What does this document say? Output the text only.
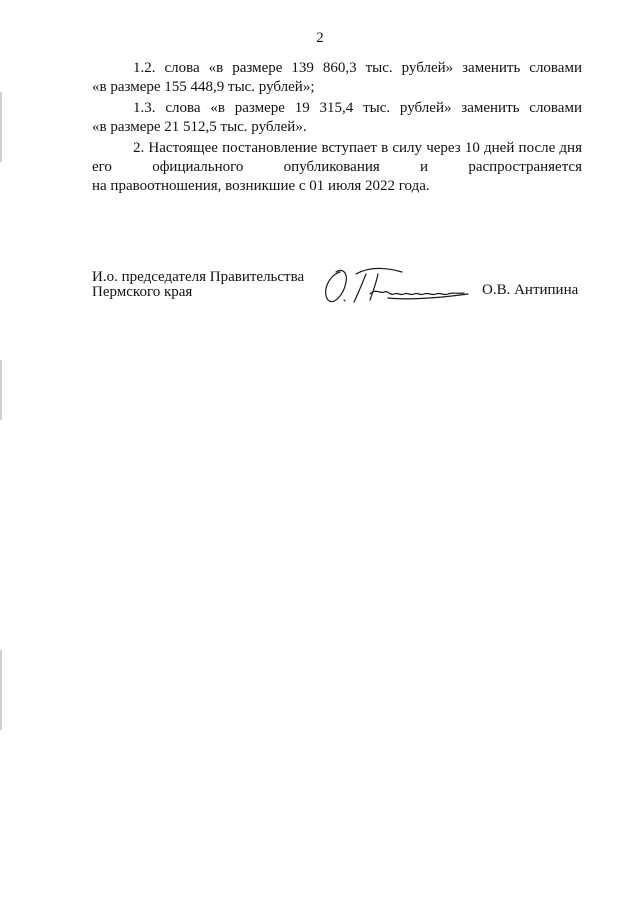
2
1.2. слова «в размере 139 860,3 тыс. рублей» заменить словами
«в размере 155 448,9 тыс. рублей»;
1.3. слова «в размере 19 315,4 тыс. рублей» заменить словами
«в размере 21 512,5 тыс. рублей».
2. Настоящее постановление вступает в силу через 10 дней после дня
его официального опубликования и распространяется
на правоотношения, возникшие с 01 июля 2022 года.
И.о. председателя Правительства
Пермского края	О.В. Антипина
